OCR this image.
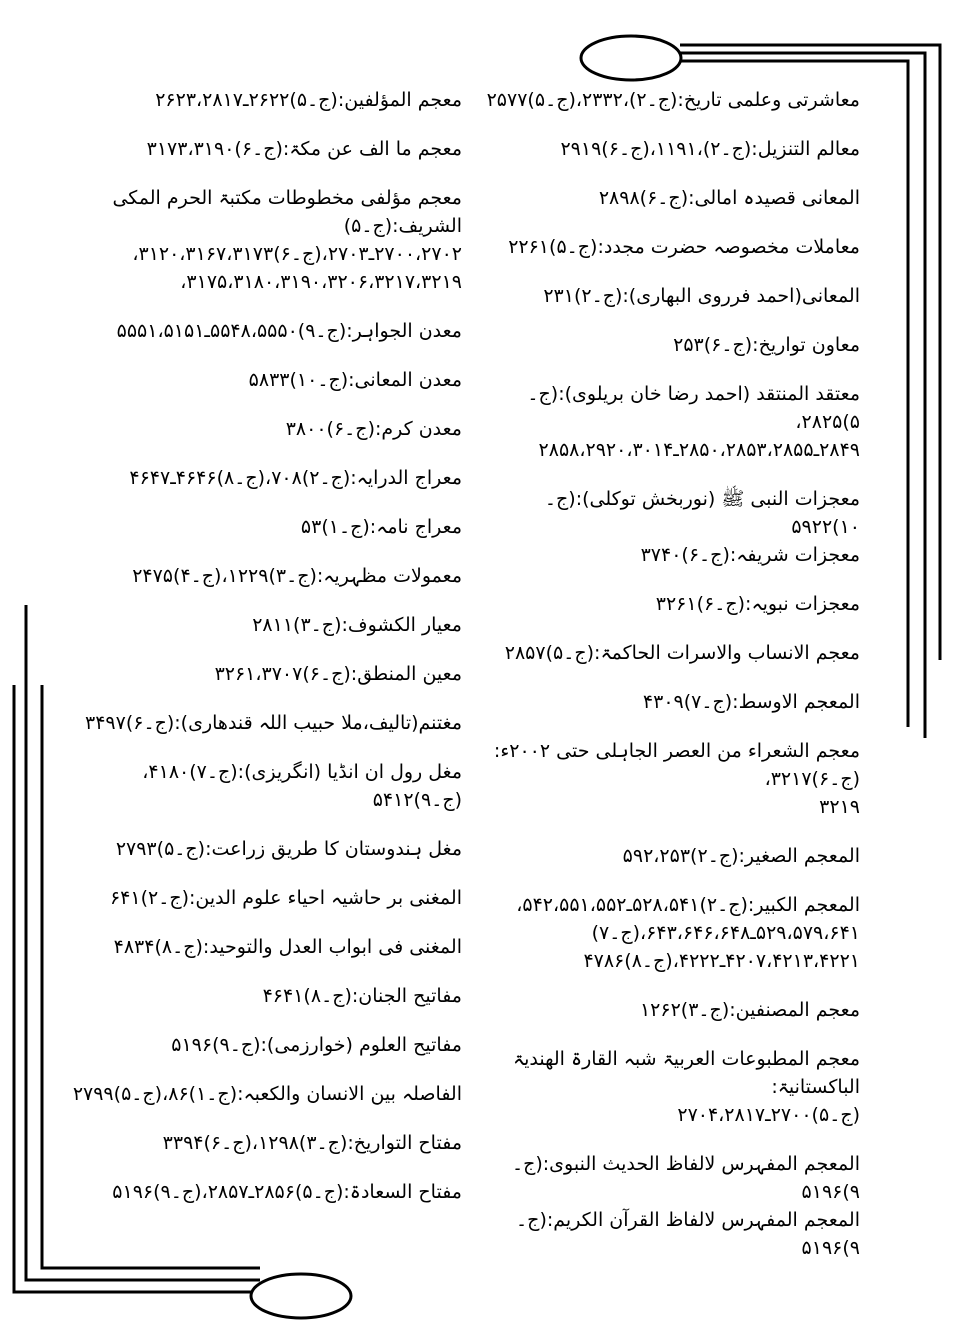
معاشرتی وعلمی تاریخ:(ج۔۲)،۲۳۳۲،(ج۔۵)۲۵۷۷

معالم التنزیل:(ج۔۲)،۱۱۹۱،(ج۔۶)۲۹۱۹

المعانی قصیدہ امالی:(ج۔۶)۲۸۹۸

معاملات مخصوصہ حضرت مجدد:(ج۔۵)۲۲۶۱

المعانی(احمد فرروی البھاری):(ج۔۲)۲۳۱

معاون تواریخ:(ج۔۶)۲۵۳

معتقد المنتقد (احمد رضا خان بریلوی):(ج۔۵)۲۸۲۵،
۲۸۴۹ـ۲۸۵۰،۲۸۵۳،۲۸۵۵ـ۲۸۵۸،۲۹۲۰،۳۰۱۴

معجزات النبی ﷺ (نوربخش توکلی):(ج۔۱۰)۵۹۲۲

معجزات شریفہ:(ج۔۶)۳۷۴۰

معجزات نبویہ:(ج۔۶)۳۲۶۱

معجم الانساب والاسرات الحاکمۃ:(ج۔۵)۲۸۵۷

المعجم الاوسط:(ج۔۷)۴۳۰۹

معجم الشعراء من العصر الجاہلی حتی ۲۰۰۲ء:(ج۔۶)۳۲۱۷،
۳۲۱۹

المعجم الصغیر:(ج۔۲)۵۹۲،۲۵۳

المعجم الکبیر:(ج۔۲)۵۲۸،۵۴۱ـ۵۴۲،۵۵۱،۵۵۲،
۵۲۹،۵۷۹،۶۴۱ـ۶۴۳،۶۴۶،۶۴۸،(ج۔۷)
۴۲۰۷،۴۲۱۳،۴۲۲۱ـ۴۲۲۲،(ج۔۸)۴۷۸۶

معجم المصنفین:(ج۔۳)۱۲۶۲

معجم المطبوعات العربیۃ شبہ القارۃ الھندیۃ الباکستانیۃ:
(ج۔۵)۲۷۰۰ـ۲۷۰۴،۲۸۱۷

المعجم المفہرس لالفاظ الحدیث النبوی:(ج۔۹)۵۱۹۶

المعجم المفہرس لالفاظ القرآن الکریم:(ج۔۹)۵۱۹۶

معجم المؤلفین:(ج۔۵)۲۶۲۲ـ۲۶۲۳،۲۸۱۷

معجم ما الف عن مکۃ:(ج۔۶)۳۱۷۳،۳۱۹۰

معجم مؤلفی مخطوطات مکتبۃ الحرم المکی الشریف:(ج۔۵)
۲۷۰۰،۲۷۰۲ـ۲۷۰۳،(ج۔۶)۳۱۲۰،۳۱۶۷،۳۱۷۳،
۳۱۷۵،۳۱۸۰،۳۱۹۰،۳۲۰۶،۳۲۱۷،۳۲۱۹،

معدن الجواہر:(ج۔۹)۵۵۴۸،۵۵۵۰ـ۵۵۵۱،۵۱۵۱

معدن المعانی:(ج۔۱۰)۵۸۳۳

معدن کرم:(ج۔۶)۳۸۰۰

معراج الدرایہ:(ج۔۲)۷۰۸،(ج۔۸)۴۶۴۶ـ۴۶۴۷

معراج نامہ:(ج۔۱)۵۳

معمولات مظہریہ:(ج۔۳)۱۲۲۹،(ج۔۴)۲۴۷۵

معیار الکشوف:(ج۔۳)۲۸۱۱

معین المنطق:(ج۔۶)۳۲۶۱،۳۷۰۷

مغتنم(تالیف،ملا حبیب اللہ قندھاری):(ج۔۶)۳۴۹۷

مغل رول ان انڈیا (انگریزی):(ج۔۷)۴۱۸۰،
(ج۔۹)۵۴۱۲

مغل ہندوستان کا طریق زراعت:(ج۔۵)۲۷۹۳

المغنی بر حاشیہ احیاء علوم الدین:(ج۔۲)۶۴۱

المغنی فی ابواب العدل والتوحید:(ج۔۸)۴۸۳۴

مفاتیح الجنان:(ج۔۸)۴۶۴۱

مفاتیح العلوم (خوارزمی):(ج۔۹)۵۱۹۶

الفاصلہ بین الانسان والکعبہ:(ج۔۱)۸۶،(ج۔۵)۲۷۹۹

مفتاح التواریخ:(ج۔۳)۱۲۹۸،(ج۔۶)۳۳۹۴

مفتاح السعادۃ:(ج۔۵)۲۸۵۶ـ۲۸۵۷،(ج۔۹)۵۱۹۶
